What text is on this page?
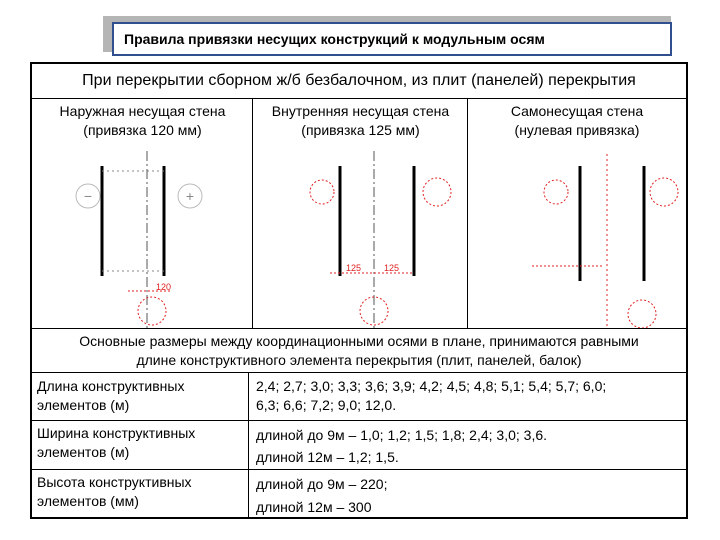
Правила привязки несущих конструкций к модульным осям
При перекрытии сборном ж/б безбалочном, из плит (панелей) перекрытия
Наружная несущая стена
(привязка 120 мм)
Внутренняя несущая стена
(привязка 125 мм)
Самонесущая стена
(нулевая привязка)
−	+
120
125	125
Основные размеры между координационными осями в плане, принимаются равными
длине конструктивного элемента перекрытия (плит, панелей, балок)
Длина конструктивных
элементов (м)
2,4; 2,7; 3,0; 3,3; 3,6; 3,9; 4,2; 4,5; 4,8; 5,1; 5,4; 5,7; 6,0;
6,3; 6,6; 7,2; 9,0; 12,0.
Ширина конструктивных
элементов (м)
длиной до 9м – 1,0; 1,2; 1,5; 1,8; 2,4; 3,0; 3,6.
длиной 12м – 1,2; 1,5.
Высота конструктивных
элементов (мм)
длиной до 9м – 220;
длиной 12м – 300
